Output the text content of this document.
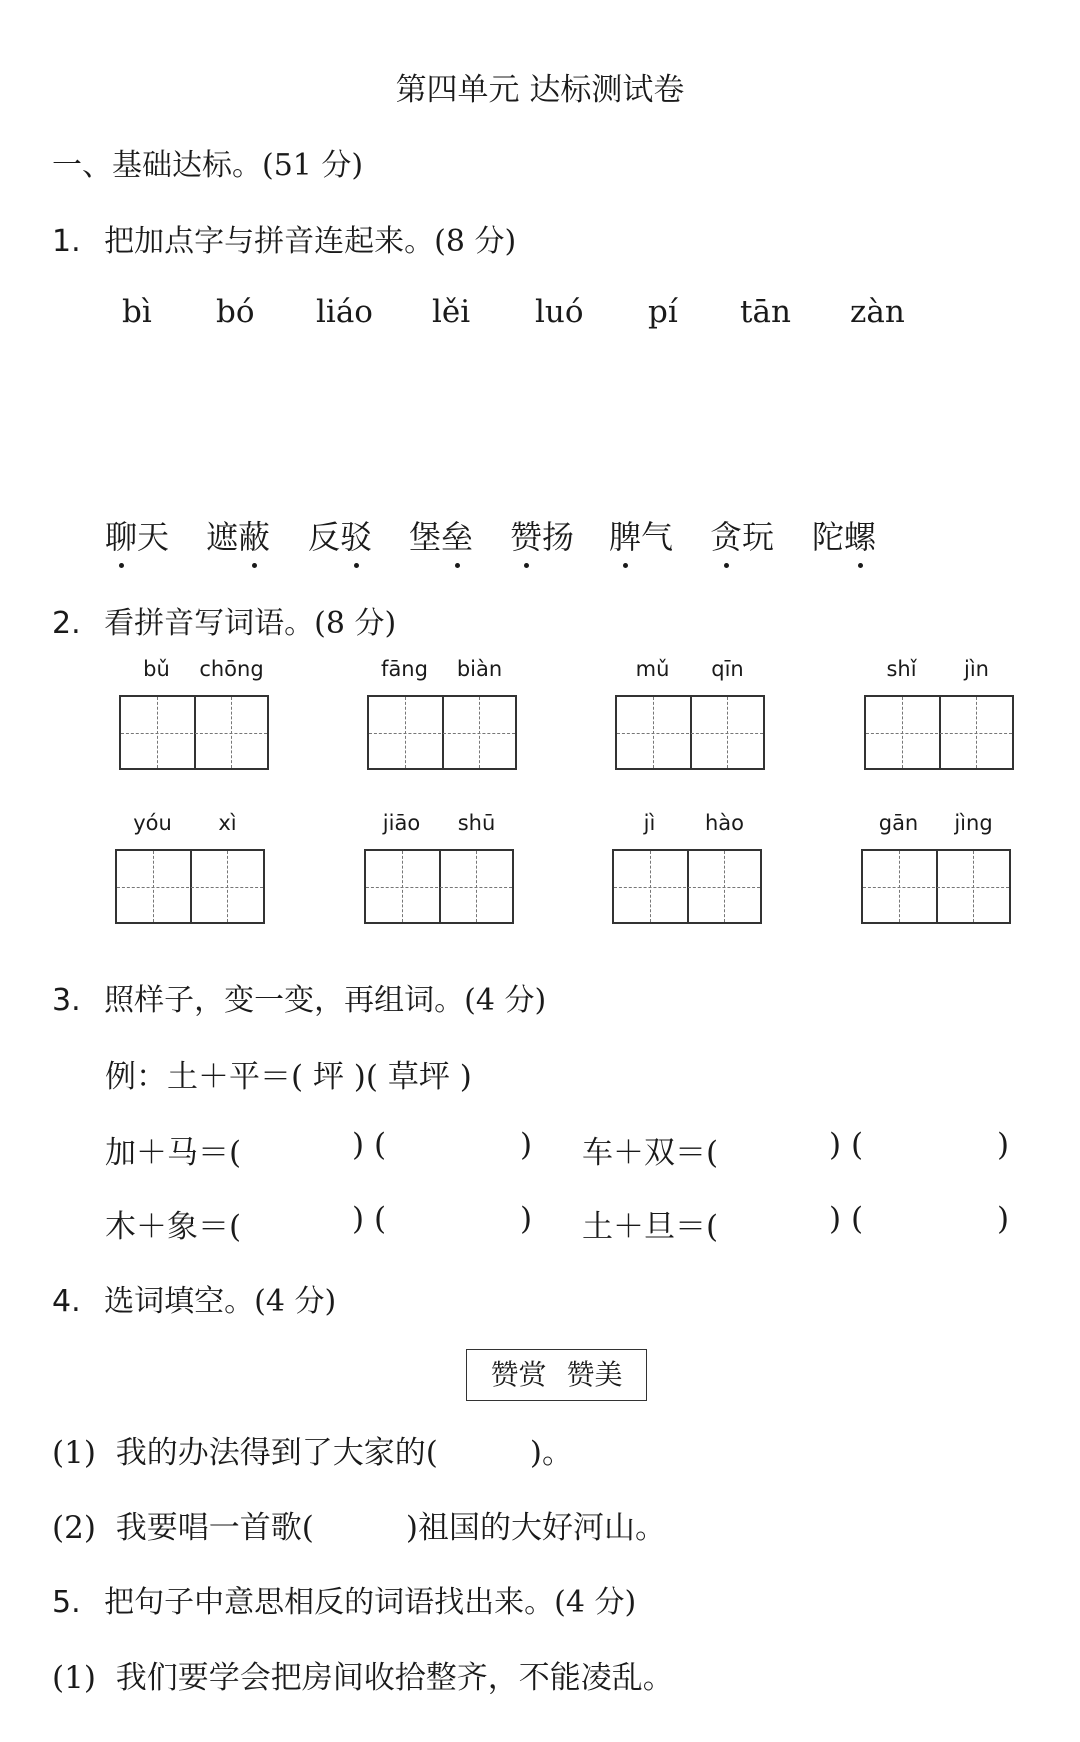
第四单元 达标测试卷
一、基础达标。(51 分)
1. 把加点字与拼音连起来。(8 分)
bì bó liáo lěi luó pí tān zàn
聊天 遮蔽 反驳 堡垒 赞扬 脾气 贪玩 陀螺
2. 看拼音写词语。(8 分)
bǔ	chōng	fāng	biàn	mǔ	qīn	shǐ	jìn
yóu	xì	jiāo	shū	jì	hào	gān	jìng
3. 照样子，变一变，再组词。(4 分)
例：土＋平＝( 坪 )( 草坪 )
加＋马＝(	) (	) 车＋双＝(	) (	)
木＋象＝(	) (	) 土＋旦＝(	) (	)
4. 选词填空。(4 分)
赞赏 赞美
(1) 我的办法得到了大家的(	)。
(2) 我要唱一首歌(	)祖国的大好河山。
5. 把句子中意思相反的词语找出来。(4 分)
(1) 我们要学会把房间收拾整齐，不能凌乱。
